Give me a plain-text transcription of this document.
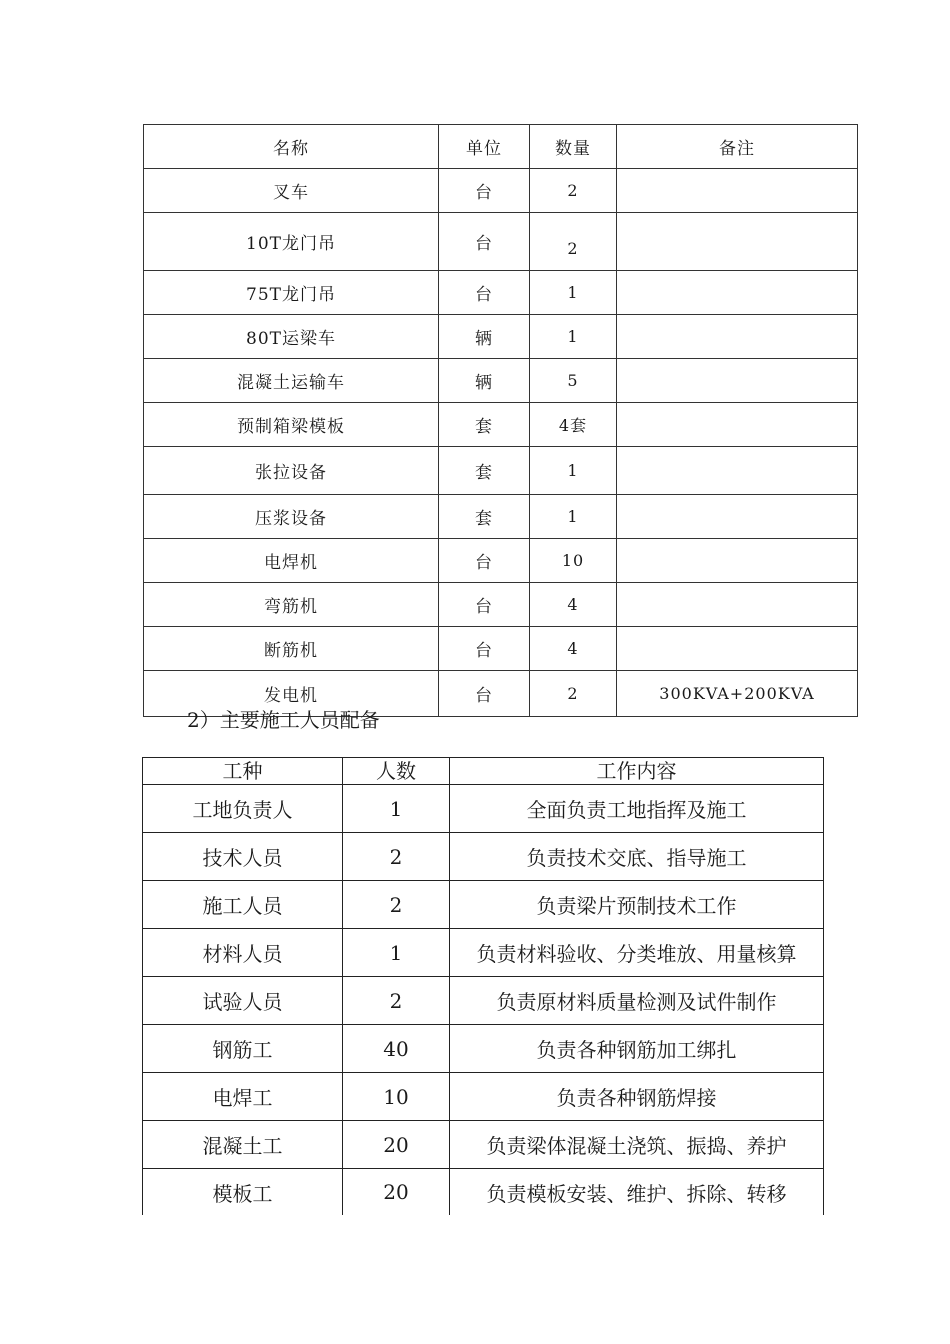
名称	单位	数量	备注
叉车	台	2	
10T龙门吊	台	2	
75T龙门吊	台	1	
80T运梁车	辆	1	
混凝土运输车	辆	5	
预制箱梁模板	套	4套	
张拉设备	套	1	
压浆设备	套	1	
电焊机	台	10	
弯筋机	台	4	
断筋机	台	4	
发电机	台	2	300KVA+200KVA
2）主要施工人员配备
工种	人数	工作内容
工地负责人	1	全面负责工地指挥及施工
技术人员	2	负责技术交底、指导施工
施工人员	2	负责梁片预制技术工作
材料人员	1	负责材料验收、分类堆放、用量核算
试验人员	2	负责原材料质量检测及试件制作
钢筋工	40	负责各种钢筋加工绑扎
电焊工	10	负责各种钢筋焊接
混凝土工	20	负责梁体混凝土浇筑、振捣、养护
模板工	20	负责模板安装、维护、拆除、转移
